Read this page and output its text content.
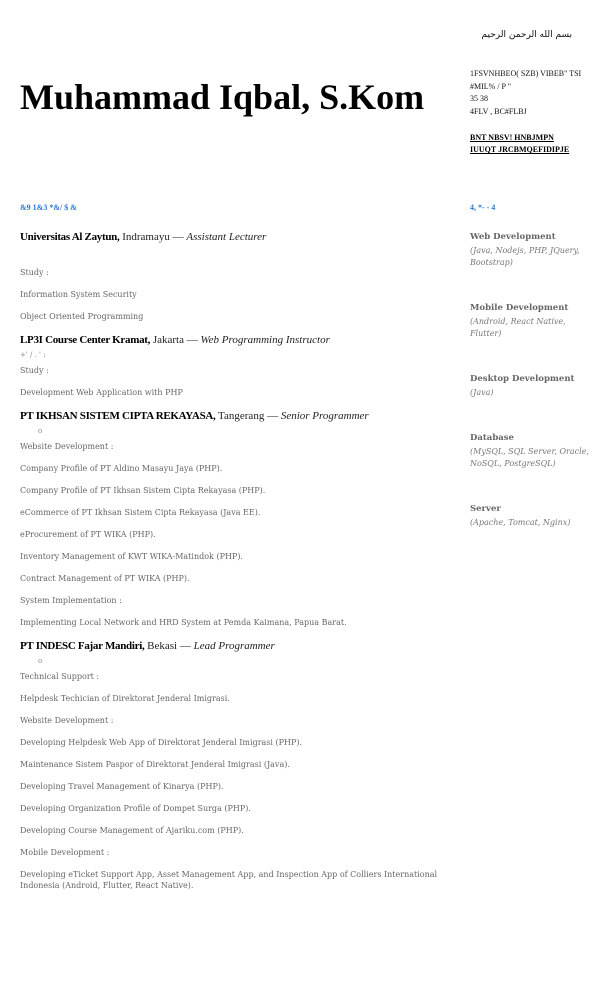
بسم الله الرحمن الرحيم
Muhammad Iqbal, S.Kom
1FSVNHBEO( SZB) VIBEB" TSI
#MIL% / P "
35 38
4FLV , BC#FLBJ
BNT NBSV! HNBJMPN
IUUQT JRCBMQEFIDIPJE
&9 1&3 *&/ $ &	4, *- - 4
Universitas Al Zaytun, Indramayu — Assistant Lecturer
Study :
Information System Security
Object Oriented Programming
LP3I Course Center Kramat, Jakarta — Web Programming Instructor
+' / . ' :
Study :
Development Web Application with PHP
PT IKHSAN SISTEM CIPTA REKAYASA, Tangerang — Senior Programmer
o
Website Development :
Company Profile of PT Aldino Masayu Jaya (PHP).
Company Profile of PT Ikhsan Sistem Cipta Rekayasa (PHP).
eCommerce of PT Ikhsan Sistem Cipta Rekayasa (Java EE).
eProcurement of PT WIKA (PHP).
Inventory Management of KWT WIKA-Matindok (PHP).
Contract Management of PT WIKA (PHP).
System Implementation :
Implementing Local Network and HRD System at Pemda Kaimana, Papua Barat.
PT INDESC Fajar Mandiri, Bekasi — Lead Programmer
o
Technical Support :
Helpdesk Techician of Direktorat Jenderal Imigrasi.
Website Development :
Developing Helpdesk Web App of Direktorat Jenderal Imigrasi (PHP).
Maintenance Sistem Paspor of Direktorat Jenderal Imigrasi (Java).
Developing Travel Management of Kinarya (PHP).
Developing Organization Profile of Dompet Surga (PHP).
Developing Course Management of Ajariku.com (PHP).
Mobile Development :
Developing eTicket Support App, Asset Management App, and Inspection App of Colliers International Indonesia (Android, Flutter, React Native).
Web Development
(Java, Nodejs, PHP, JQuery, Bootstrap)
Mobile Development
(Android, React Native, Flutter)
Desktop Development
(Java)
Database
(MySQL, SQL Server, Oracle, NoSQL, PostgreSQL)
Server
(Apache, Tomcat, Nginx)
